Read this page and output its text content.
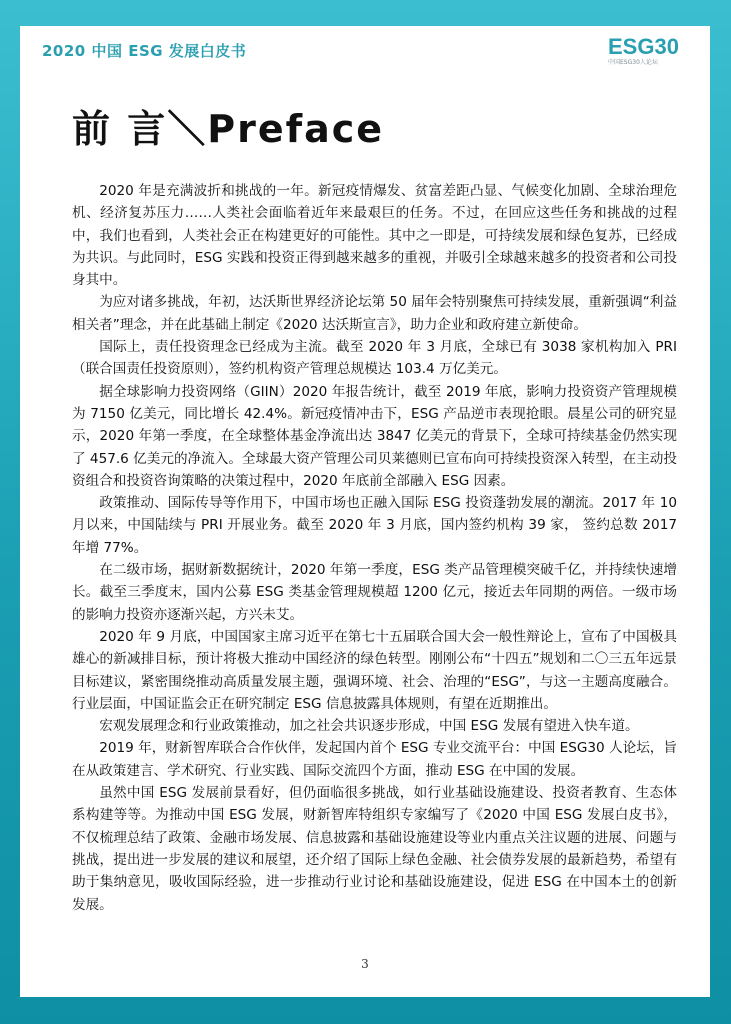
2020 中国 ESG 发展白皮书	ESG30
中国ESG30人论坛
前 言＼Preface

2020 年是充满波折和挑战的一年。新冠疫情爆发、贫富差距凸显、气候变化加剧、全球治理危机、经济复苏压力……人类社会面临着近年来最艰巨的任务。不过，在回应这些任务和挑战的过程中，我们也看到，人类社会正在构建更好的可能性。其中之一即是，可持续发展和绿色复苏，已经成为共识。与此同时，ESG 实践和投资正得到越来越多的重视，并吸引全球越来越多的投资者和公司投身其中。

为应对诸多挑战，年初，达沃斯世界经济论坛第 50 届年会特别聚焦可持续发展，重新强调“利益相关者”理念，并在此基础上制定《2020 达沃斯宣言》，助力企业和政府建立新使命。

国际上，责任投资理念已经成为主流。截至 2020 年 3 月底，全球已有 3038 家机构加入 PRI（联合国责任投资原则），签约机构资产管理总规模达 103.4 万亿美元。

据全球影响力投资网络（GIIN）2020 年报告统计，截至 2019 年底，影响力投资资产管理规模为 7150 亿美元，同比增长 42.4%。新冠疫情冲击下，ESG 产品逆市表现抢眼。晨星公司的研究显示，2020 年第一季度，在全球整体基金净流出达 3847 亿美元的背景下，全球可持续基金仍然实现了 457.6 亿美元的净流入。全球最大资产管理公司贝莱德则已宣布向可持续投资深入转型，在主动投资组合和投资咨询策略的决策过程中，2020 年底前全部融入 ESG 因素。

政策推动、国际传导等作用下，中国市场也正融入国际 ESG 投资蓬勃发展的潮流。2017 年 10 月以来，中国陆续与 PRI 开展业务。截至 2020 年 3 月底，国内签约机构 39 家， 签约总数 2017 年增 77%。

在二级市场，据财新数据统计，2020 年第一季度，ESG 类产品管理模突破千亿，并持续快速增长。截至三季度末，国内公募 ESG 类基金管理规模超 1200 亿元，接近去年同期的两倍。一级市场的影响力投资亦逐渐兴起，方兴未艾。

2020 年 9 月底，中国国家主席习近平在第七十五届联合国大会一般性辩论上，宣布了中国极具雄心的新减排目标，预计将极大推动中国经济的绿色转型。刚刚公布“十四五”规划和二〇三五年远景目标建议，紧密围绕推动高质量发展主题，强调环境、社会、治理的“ESG”，与这一主题高度融合。行业层面，中国证监会正在研究制定 ESG 信息披露具体规则，有望在近期推出。

宏观发展理念和行业政策推动，加之社会共识逐步形成，中国 ESG 发展有望进入快车道。

2019 年，财新智库联合合作伙伴，发起国内首个 ESG 专业交流平台：中国 ESG30 人论坛，旨在从政策建言、学术研究、行业实践、国际交流四个方面，推动 ESG 在中国的发展。

虽然中国 ESG 发展前景看好，但仍面临很多挑战，如行业基础设施建设、投资者教育、生态体系构建等等。为推动中国 ESG 发展，财新智库特组织专家编写了《2020 中国 ESG 发展白皮书》，不仅梳理总结了政策、金融市场发展、信息披露和基础设施建设等业内重点关注议题的进展、问题与挑战，提出进一步发展的建议和展望，还介绍了国际上绿色金融、社会债券发展的最新趋势，希望有助于集纳意见，吸收国际经验，进一步推动行业讨论和基础设施建设，促进 ESG 在中国本土的创新发展。

3
